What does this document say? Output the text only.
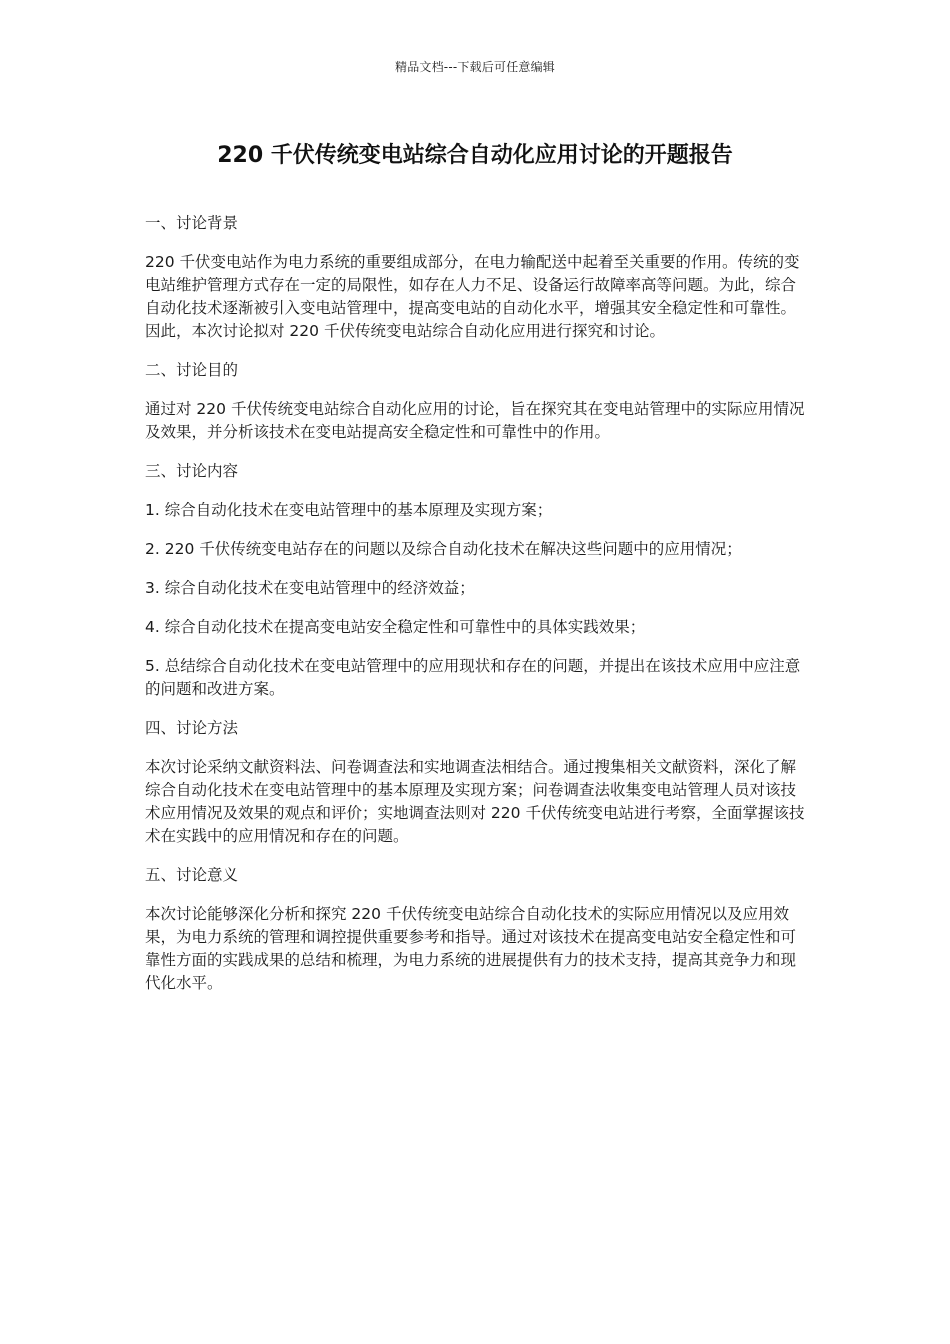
精品文档---下载后可任意编辑
220 千伏传统变电站综合自动化应用讨论的开题报告

一、讨论背景

220 千伏变电站作为电力系统的重要组成部分，在电力输配送中起着至关重要的作用。传统的变电站维护管理方式存在一定的局限性，如存在人力不足、设备运行故障率高等问题。为此，综合自动化技术逐渐被引入变电站管理中，提高变电站的自动化水平，增强其安全稳定性和可靠性。因此，本次讨论拟对 220 千伏传统变电站综合自动化应用进行探究和讨论。

二、讨论目的

通过对 220 千伏传统变电站综合自动化应用的讨论，旨在探究其在变电站管理中的实际应用情况及效果，并分析该技术在变电站提高安全稳定性和可靠性中的作用。

三、讨论内容

1. 综合自动化技术在变电站管理中的基本原理及实现方案；

2. 220 千伏传统变电站存在的问题以及综合自动化技术在解决这些问题中的应用情况；

3. 综合自动化技术在变电站管理中的经济效益；

4. 综合自动化技术在提高变电站安全稳定性和可靠性中的具体实践效果；

5. 总结综合自动化技术在变电站管理中的应用现状和存在的问题，并提出在该技术应用中应注意的问题和改进方案。

四、讨论方法

本次讨论采纳文献资料法、问卷调查法和实地调查法相结合。通过搜集相关文献资料，深化了解综合自动化技术在变电站管理中的基本原理及实现方案；问卷调查法收集变电站管理人员对该技术应用情况及效果的观点和评价；实地调查法则对 220 千伏传统变电站进行考察，全面掌握该技术在实践中的应用情况和存在的问题。

五、讨论意义

本次讨论能够深化分析和探究 220 千伏传统变电站综合自动化技术的实际应用情况以及应用效果，为电力系统的管理和调控提供重要参考和指导。通过对该技术在提高变电站安全稳定性和可靠性方面的实践成果的总结和梳理，为电力系统的进展提供有力的技术支持，提高其竞争力和现代化水平。
